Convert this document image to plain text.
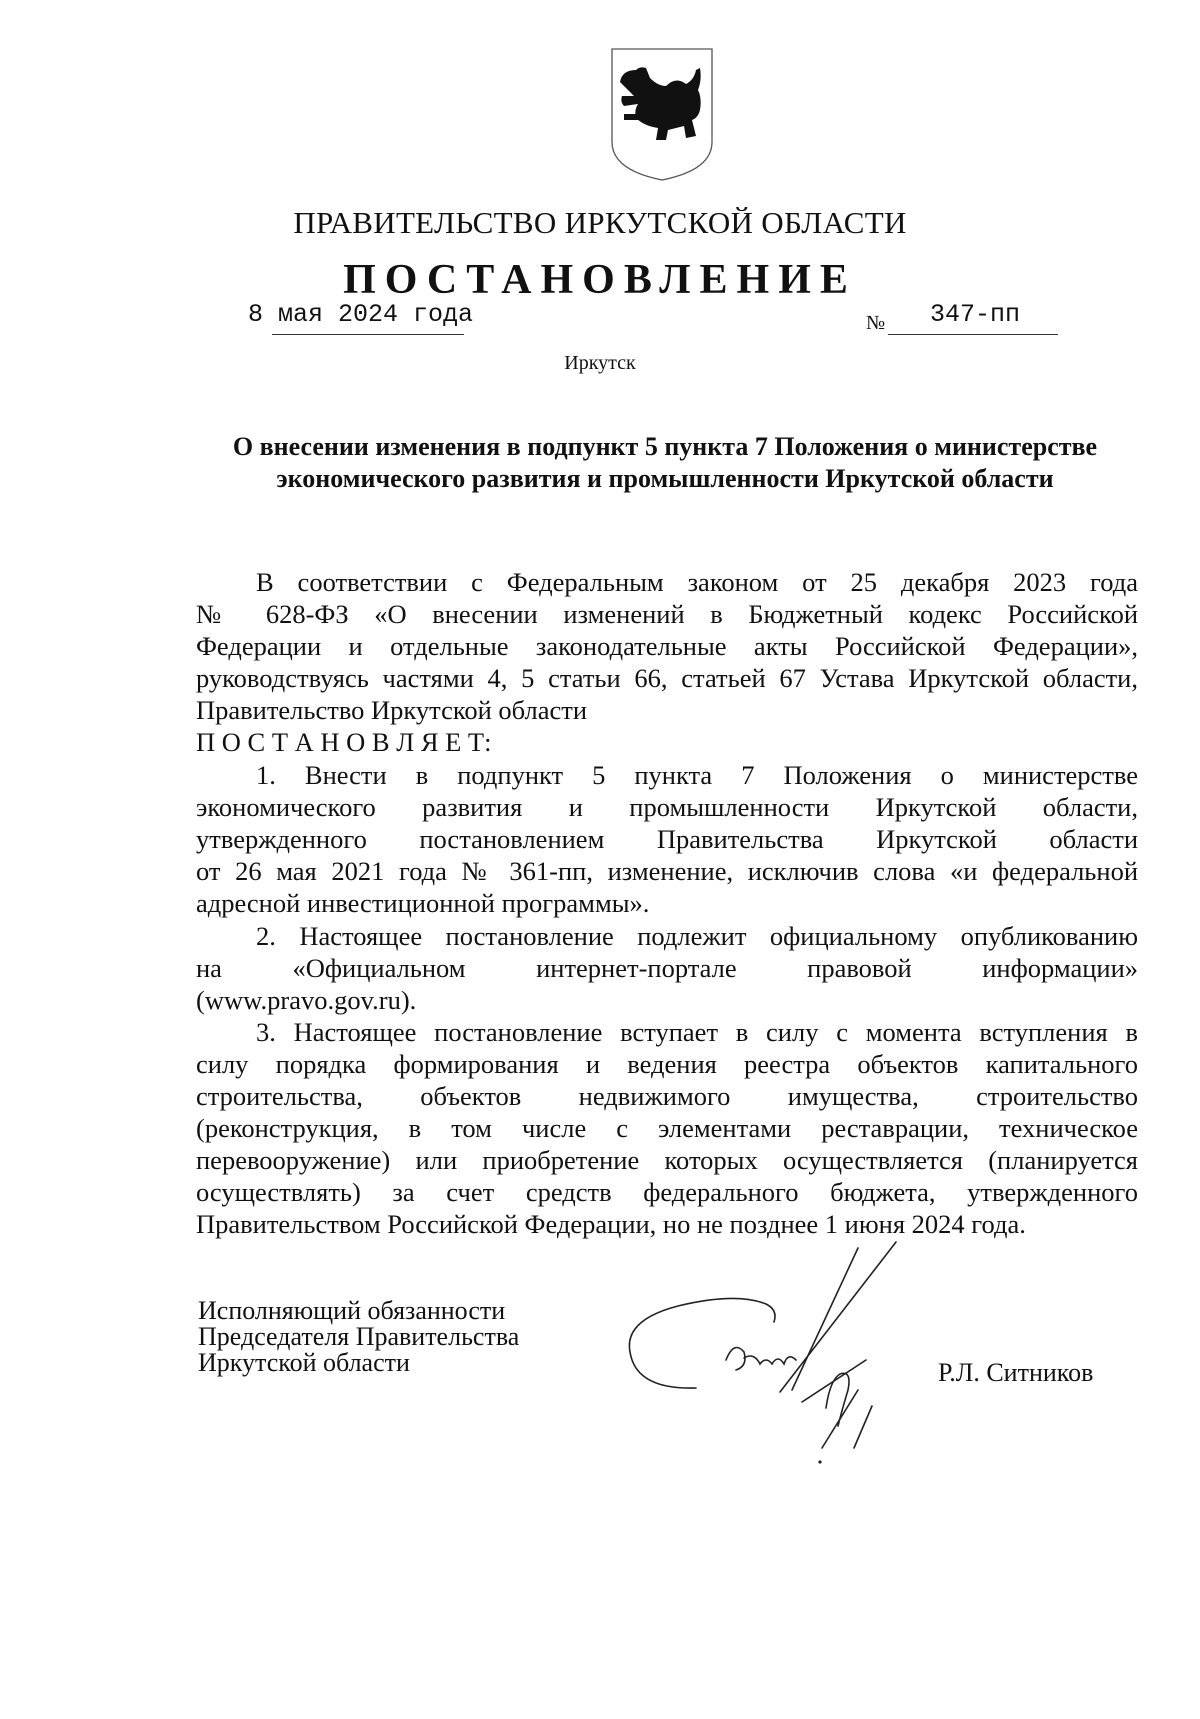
ПРАВИТЕЛЬСТВО ИРКУТСКОЙ ОБЛАСТИ
ПОСТАНОВЛЕНИЕ
8 мая 2024 года	№ 347-пп
Иркутск
О внесении изменения в подпункт 5 пункта 7 Положения о министерстве экономического развития и промышленности Иркутской области
В соответствии с Федеральным законом от 25 декабря 2023 года
№ 628-ФЗ «О внесении изменений в Бюджетный кодекс Российской
Федерации и отдельные законодательные акты Российской Федерации»,
руководствуясь частями 4, 5 статьи 66, статьей 67 Устава Иркутской области,
Правительство Иркутской области
П О С Т А Н О В Л Я Е Т:
1. Внести в подпункт 5 пункта 7 Положения о министерстве
экономического развития и промышленности Иркутской области,
утвержденного постановлением Правительства Иркутской области
от 26 мая 2021 года № 361-пп, изменение, исключив слова «и федеральной
адресной инвестиционной программы».
2. Настоящее постановление подлежит официальному опубликованию
на «Официальном интернет-портале правовой информации»
(www.pravo.gov.ru).
3. Настоящее постановление вступает в силу с момента вступления в
силу порядка формирования и ведения реестра объектов капитального
строительства, объектов недвижимого имущества, строительство
(реконструкция, в том числе с элементами реставрации, техническое
перевооружение) или приобретение которых осуществляется (планируется
осуществлять) за счет средств федерального бюджета, утвержденного
Правительством Российской Федерации, но не позднее 1 июня 2024 года.
Исполняющий обязанности
Председателя Правительства
Иркутской области	Р.Л. Ситников
